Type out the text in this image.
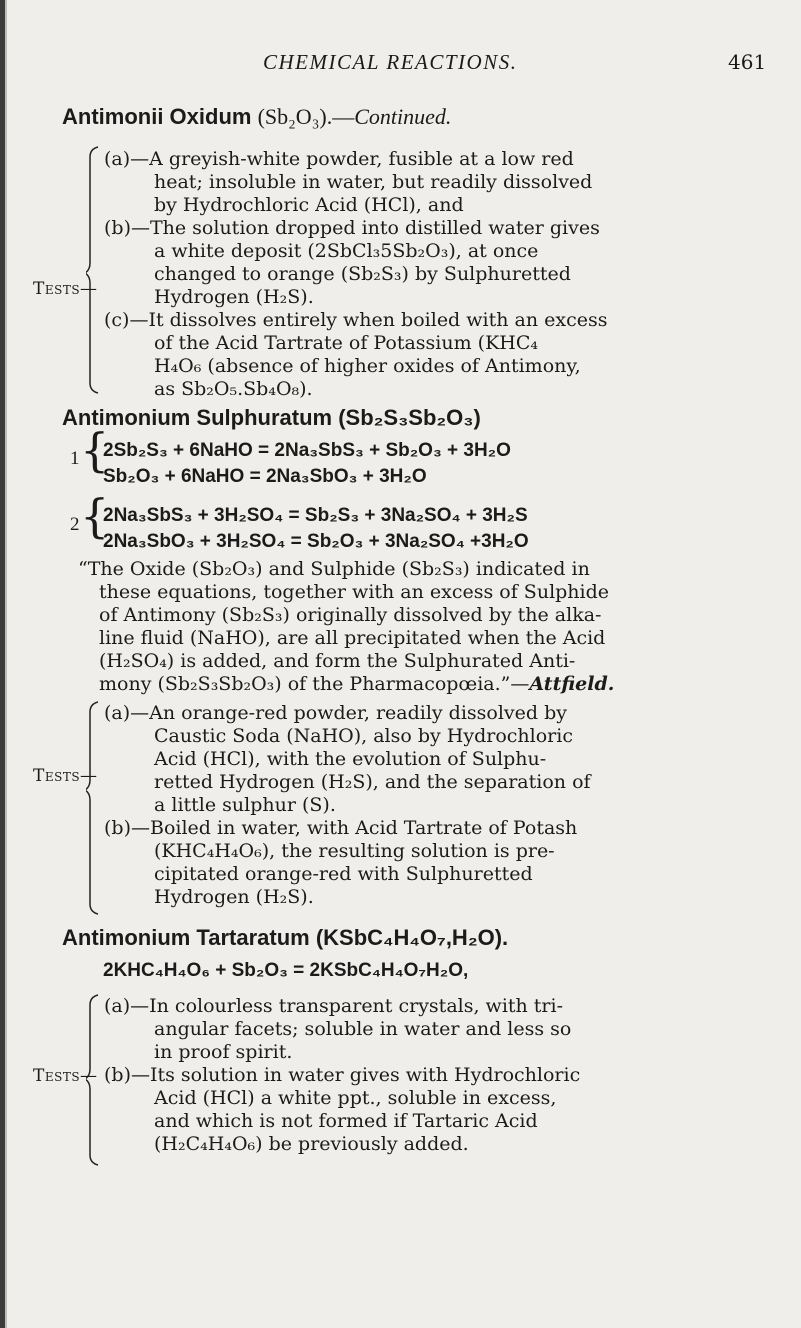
CHEMICAL REACTIONS.	461
Antimonii Oxidum (Sb₂O₃).—Continued.
Tests—
(a)—A greyish-white powder, fusible at a low red
heat; insoluble in water, but readily dissolved
by Hydrochloric Acid (HCl), and
(b)—The solution dropped into distilled water gives
a white deposit (2SbCl₃5Sb₂O₃), at once
changed to orange (Sb₂S₃) by Sulphuretted
Hydrogen (H₂S).
(c)—It dissolves entirely when boiled with an excess
of the Acid Tartrate of Potassium (KHC₄
H₄O₆ (absence of higher oxides of Antimony,
as Sb₂O₅.Sb₄O₈).
Antimonium Sulphuratum (Sb₂S₃Sb₂O₃)
1 {
2Sb₂S₃ + 6NaHO = 2Na₃SbS₃ + Sb₂O₃ + 3H₂O
Sb₂O₃ + 6NaHO = 2Na₃SbO₃ + 3H₂O
2 {
2Na₃SbS₃ + 3H₂SO₄ = Sb₂S₃ + 3Na₂SO₄ + 3H₂S
2Na₃SbO₃ + 3H₂SO₄ = Sb₂O₃ + 3Na₂SO₄ +3H₂O
“The Oxide (Sb₂O₃) and Sulphide (Sb₂S₃) indicated in
these equations, together with an excess of Sulphide
of Antimony (Sb₂S₃) originally dissolved by the alka-
line fluid (NaHO), are all precipitated when the Acid
(H₂SO₄) is added, and form the Sulphurated Anti-
mony (Sb₂S₃Sb₂O₃) of the Pharmacopœia.”—Attfield.
Tests—
(a)—An orange-red powder, readily dissolved by
Caustic Soda (NaHO), also by Hydrochloric
Acid (HCl), with the evolution of Sulphu-
retted Hydrogen (H₂S), and the separation of
a little sulphur (S).
(b)—Boiled in water, with Acid Tartrate of Potash
(KHC₄H₄O₆), the resulting solution is pre-
cipitated orange-red with Sulphuretted
Hydrogen (H₂S).
Antimonium Tartaratum (KSbC₄H₄O₇,H₂O).
2KHC₄H₄O₆ + Sb₂O₃ = 2KSbC₄H₄O₇H₂O,
Tests—
(a)—In colourless transparent crystals, with tri-
angular facets; soluble in water and less so
in proof spirit.
(b)—Its solution in water gives with Hydrochloric
Acid (HCl) a white ppt., soluble in excess,
and which is not formed if Tartaric Acid
(H₂C₄H₄O₆) be previously added.
